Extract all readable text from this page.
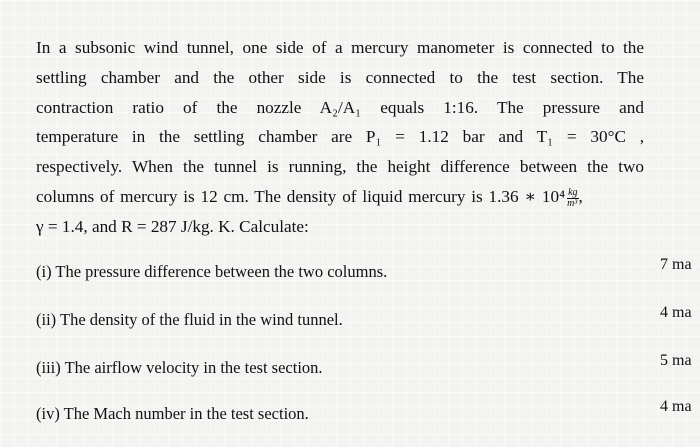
In a subsonic wind tunnel, one side of a mercury manometer is connected to the
settling chamber and the other side is connected to the test section. The
contraction ratio of the nozzle A₂/A₁ equals 1:16. The pressure and
temperature in the settling chamber are P₁ = 1.12 bar and T₁ = 30°C ,
respectively. When the tunnel is running, the height difference between the two
columns of mercury is 12 cm. The density of liquid mercury is 1.36 ∗ $10^4 \frac{kg}{\text{m³}}$ ,
γ = 1.4, and R = 287 J/kg. K. Calculate:
(i) The pressure difference between the two columns.	7 ma
(ii) The density of the fluid in the wind tunnel.	4 ma
(iii) The airflow velocity in the test section.	5 ma
(iv) The Mach number in the test section.	4 ma
